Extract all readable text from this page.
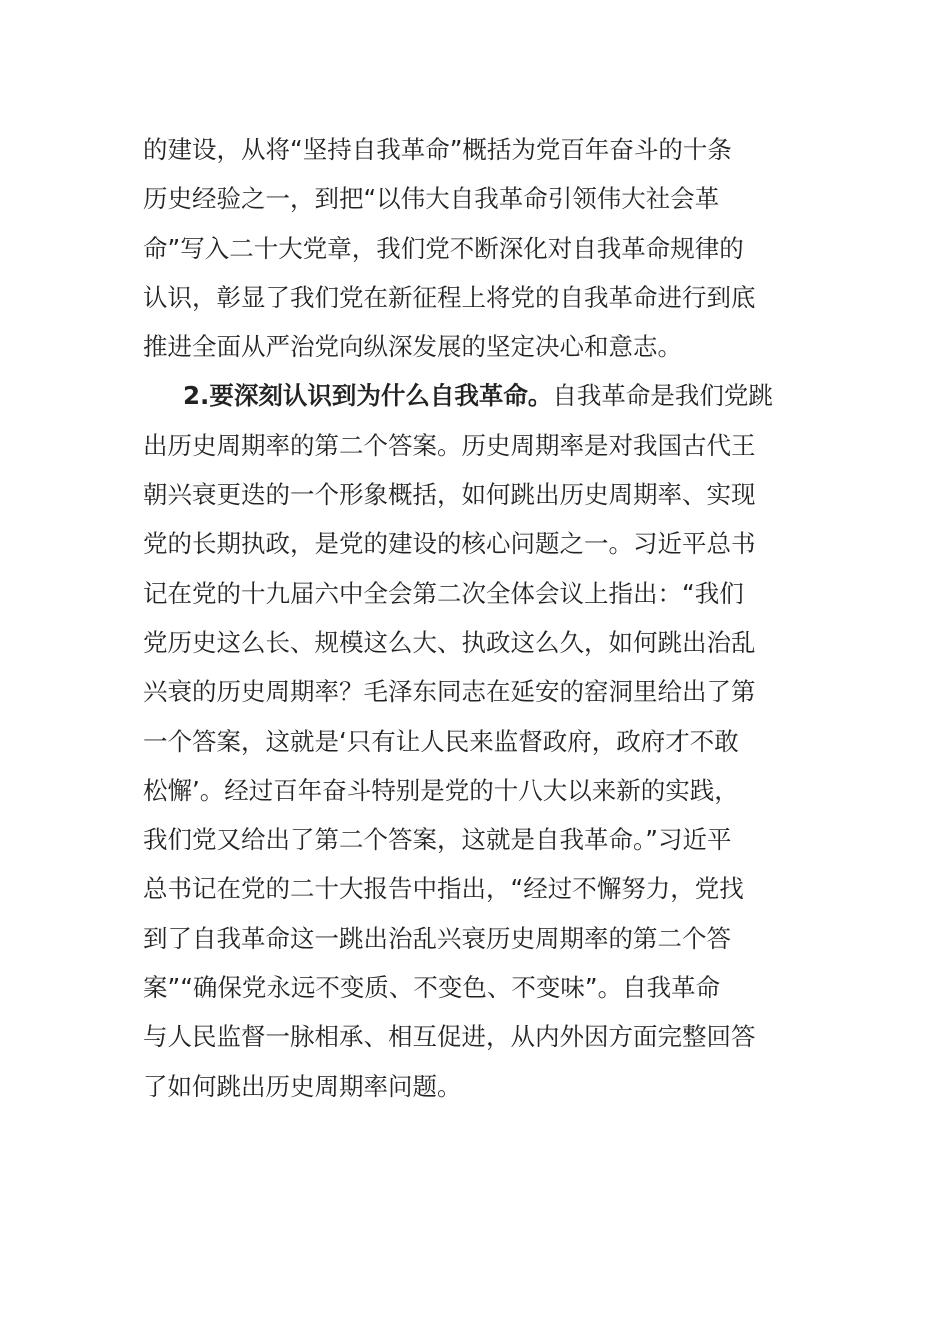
的建设，从将“坚持自我革命”概括为党百年奋斗的十条
历史经验之一，到把“以伟大自我革命引领伟大社会革
命”写入二十大党章，我们党不断深化对自我革命规律的
认识，彰显了我们党在新征程上将党的自我革命进行到底
推进全面从严治党向纵深发展的坚定决心和意志。
2.要深刻认识到为什么自我革命。自我革命是我们党跳
出历史周期率的第二个答案。历史周期率是对我国古代王
朝兴衰更迭的一个形象概括，如何跳出历史周期率、实现
党的长期执政，是党的建设的核心问题之一。习近平总书
记在党的十九届六中全会第二次全体会议上指出：“我们
党历史这么长、规模这么大、执政这么久，如何跳出治乱
兴衰的历史周期率？毛泽东同志在延安的窑洞里给出了第
一个答案，这就是‘只有让人民来监督政府，政府才不敢
松懈’。经过百年奋斗特别是党的十八大以来新的实践，
我们党又给出了第二个答案，这就是自我革命。”习近平
总书记在党的二十大报告中指出，“经过不懈努力，党找
到了自我革命这一跳出治乱兴衰历史周期率的第二个答
案”“确保党永远不变质、不变色、不变味”。自我革命
与人民监督一脉相承、相互促进，从内外因方面完整回答
了如何跳出历史周期率问题。
